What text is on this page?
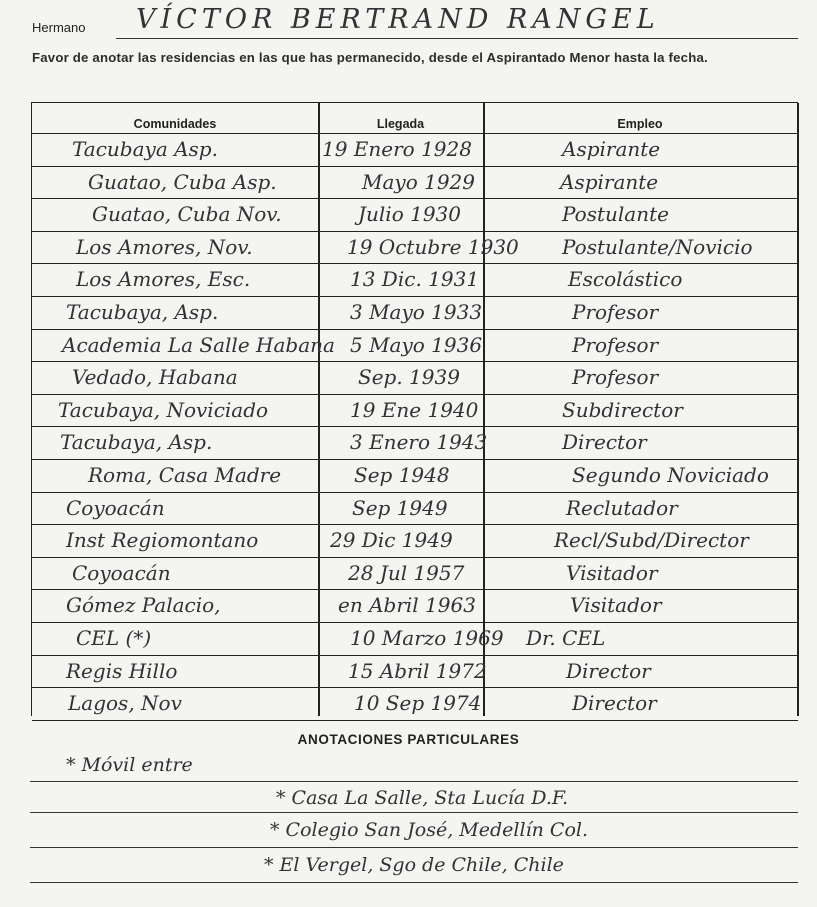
Hermano VÍCTOR BERTRAND RANGEL
Favor de anotar las residencias en las que has permanecido, desde el Aspirantado Menor hasta la fecha.
Comunidades	Llegada	Empleo
Tacubaya Asp.	19 Enero 1928	Aspirante
Guatao, Cuba Asp.	Mayo 1929	Aspirante
Guatao, Cuba Nov.	Julio 1930	Postulante
Los Amores, Nov.	19 Octubre 1930 Postulante/Novicio
Los Amores, Esc.	13 Dic. 1931	Escolástico
Tacubaya, Asp.	3 Mayo 1933	Profesor
Academia La Salle Habana 5 Mayo 1936	Profesor
Vedado, Habana	Sep. 1939	Profesor
Tacubaya, Noviciado	19 Ene 1940	Subdirector
Tacubaya, Asp.	3 Enero 1943	Director
Roma, Casa Madre	Sep 1948	Segundo Noviciado
Coyoacán	Sep 1949	Reclutador
Inst Regiomontano	29 Dic 1949	Recl/Subd/Director
Coyoacán	28 Jul 1957	Visitador
Gómez Palacio,	en Abril 1963	Visitador
CEL (*)	10 Marzo 1969 Dr. CEL
Regis Hillo	15 Abril 1972	Director
Lagos, Nov	10 Sep 1974	Director
ANOTACIONES PARTICULARES
* Móvil entre
* Casa La Salle, Sta Lucía D.F.
* Colegio San José, Medellín Col.
* El Vergel, Sgo de Chile, Chile
